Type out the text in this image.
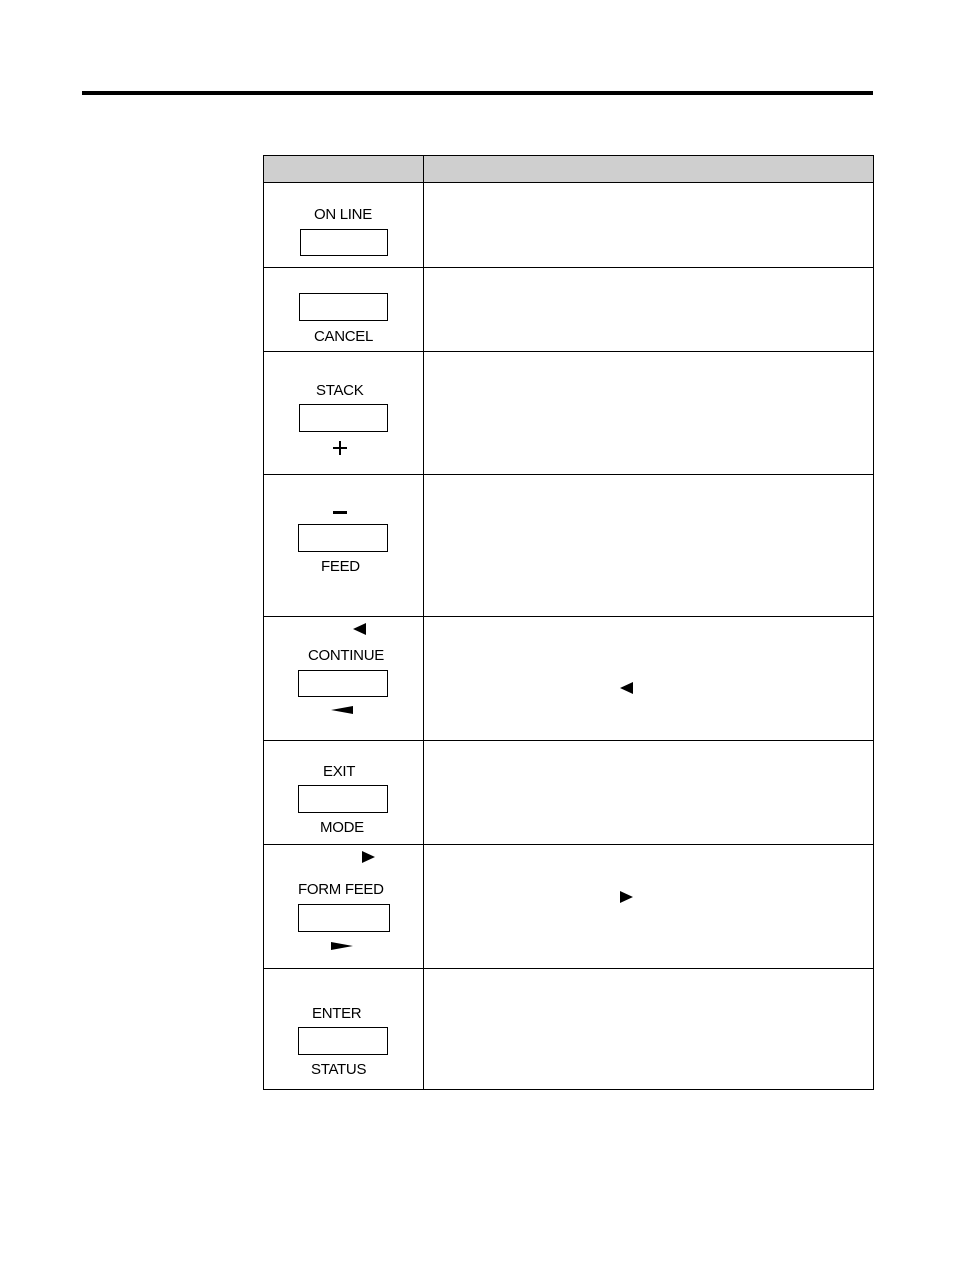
ON LINE
CANCEL
STACK
FEED
CONTINUE
EXIT
MODE
FORM FEED
ENTER
STATUS
